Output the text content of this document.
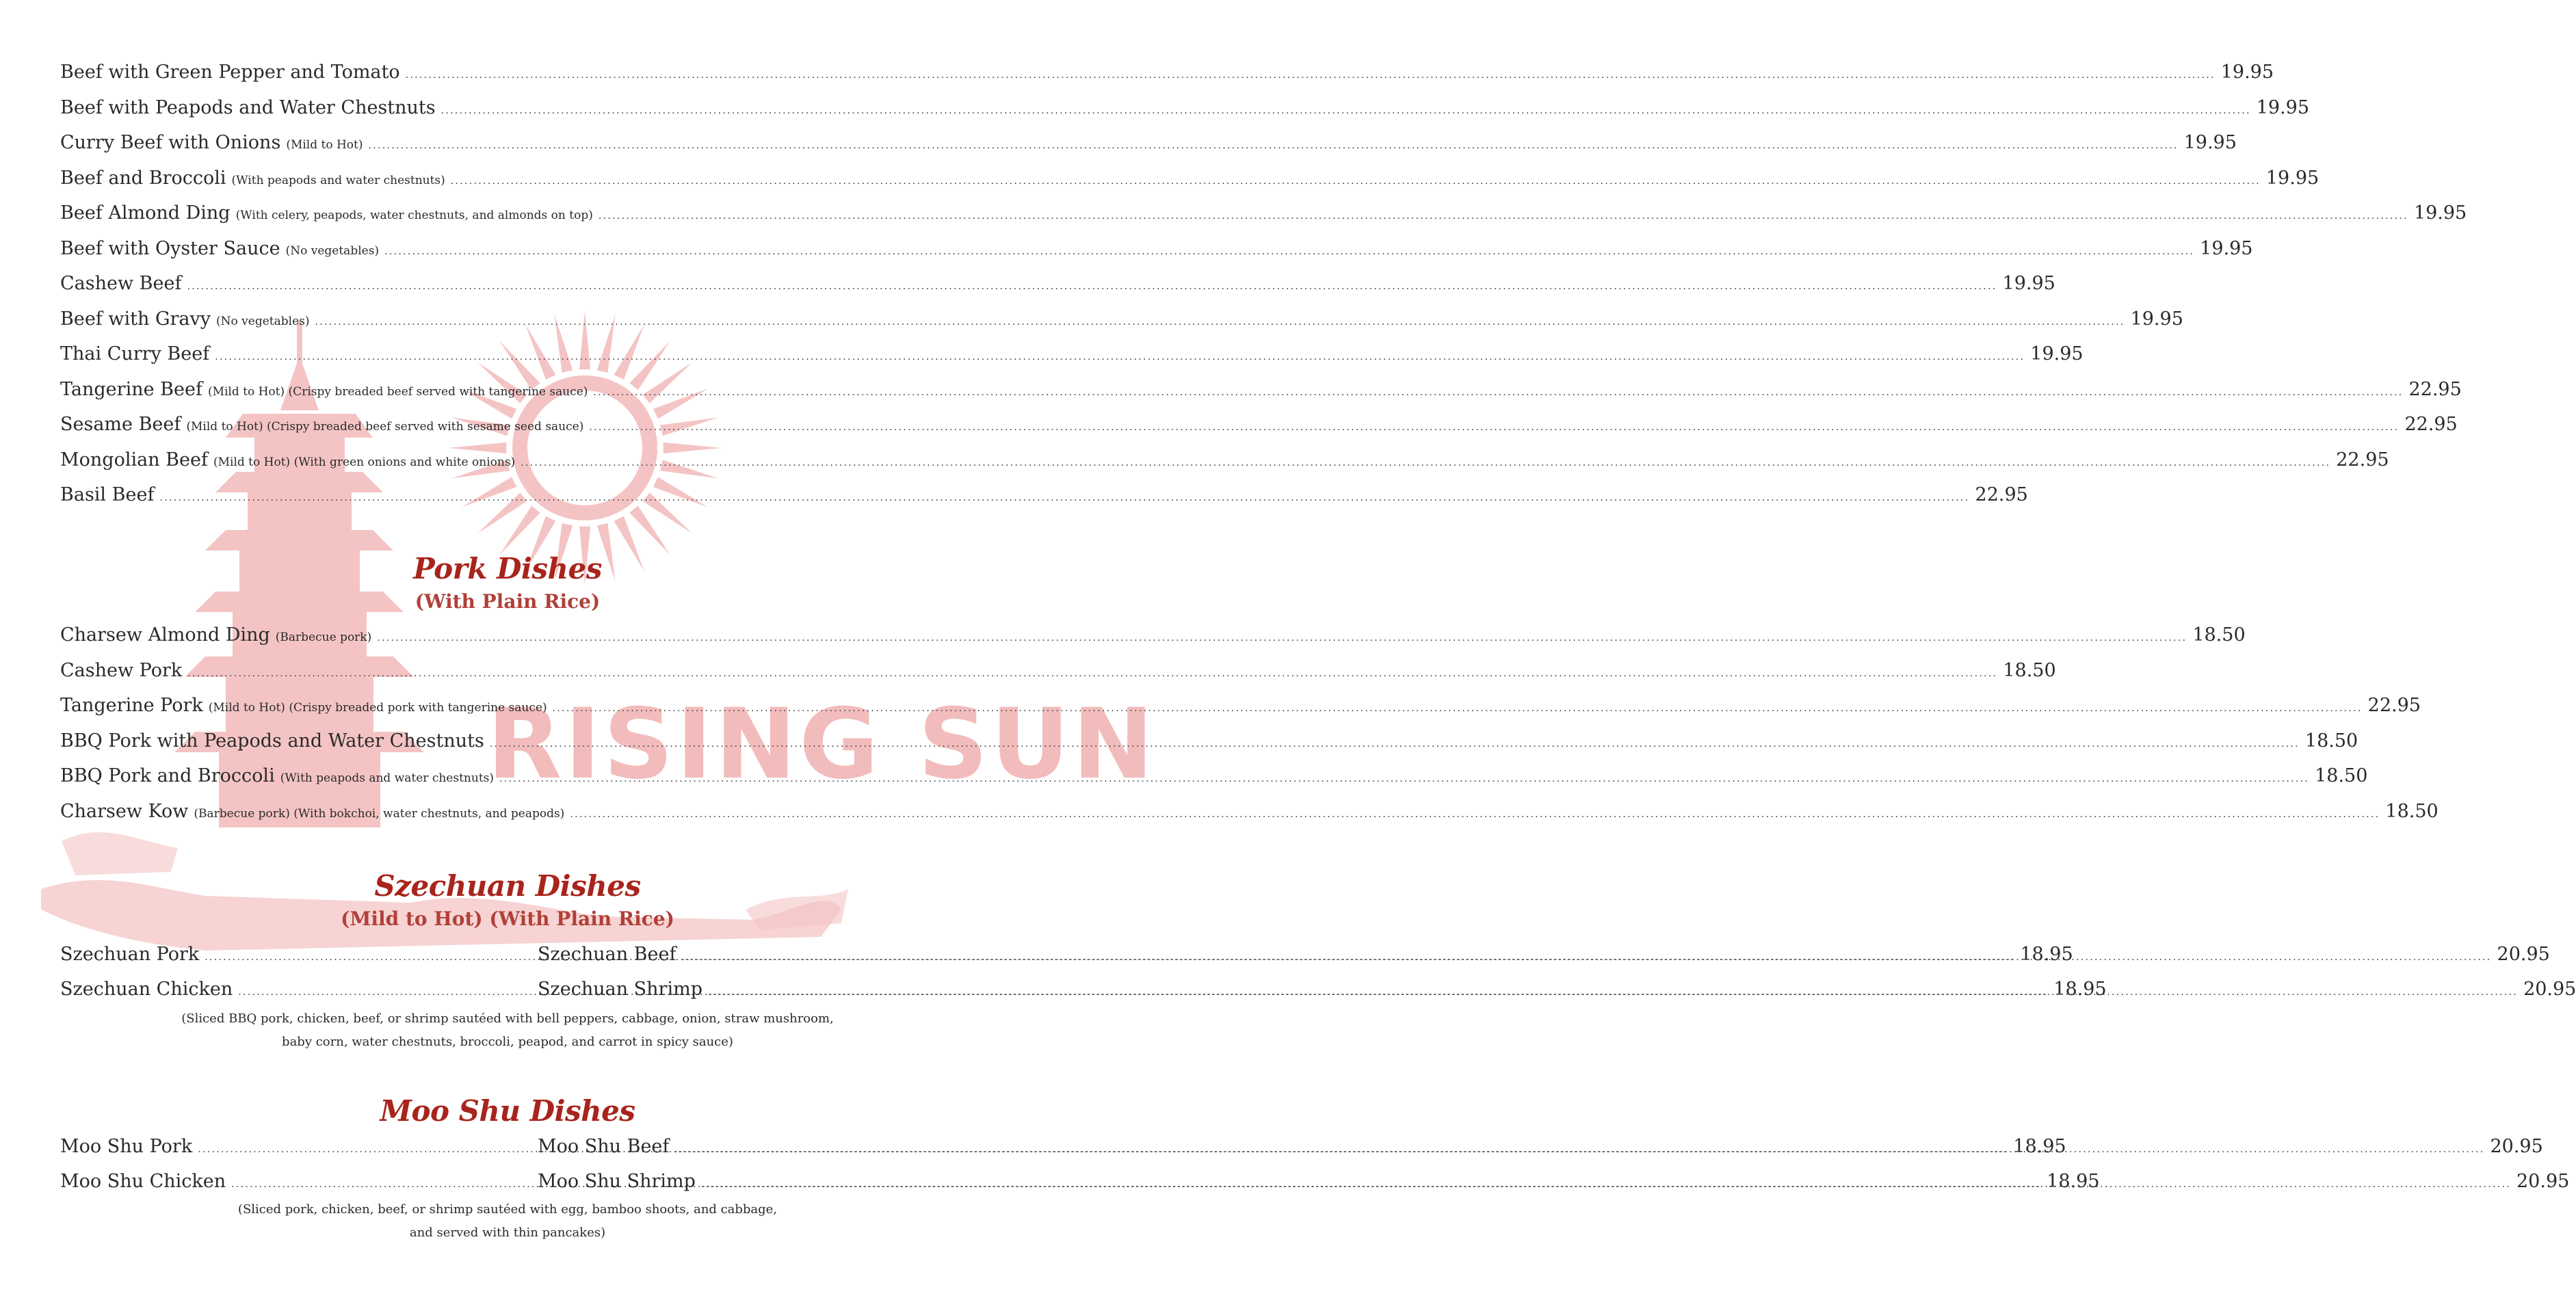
RISING SUN
Beef with Green Pepper and Tomato .....	19.95
Beef with Peapods and Water Chestnuts .....	19.95
Curry Beef with Onions (Mild to Hot) .....	19.95
Beef and Broccoli (With peapods and water chestnuts) .....	19.95
Beef Almond Ding (With celery, peapods, water chestnuts, and almonds on top) .....	19.95
Beef with Oyster Sauce (No vegetables) .....	19.95
Cashew Beef .....	19.95
Beef with Gravy (No vegetables) .....	19.95
Thai Curry Beef .....	19.95
Tangerine Beef (Mild to Hot) (Crispy breaded beef served with tangerine sauce) .....	22.95
Sesame Beef (Mild to Hot) (Crispy breaded beef served with sesame seed sauce) .....	22.95
Mongolian Beef (Mild to Hot) (With green onions and white onions) .....	22.95
Basil Beef .....	22.95
Pork Dishes
(With Plain Rice)
Charsew Almond Ding (Barbecue pork) .....	18.50
Cashew Pork .....	18.50
Tangerine Pork (Mild to Hot) (Crispy breaded pork with tangerine sauce) .....	22.95
BBQ Pork with Peapods and Water Chestnuts .....	18.50
BBQ Pork and Broccoli (With peapods and water chestnuts) .....	18.50
Charsew Kow (Barbecue pork) (With bokchoi, water chestnuts, and peapods) .....	18.50
Szechuan Dishes
(Mild to Hot) (With Plain Rice)
Szechuan Pork .....	18.95
Szechuan Chicken .....	18.95
Szechuan Beef .....	20.95
Szechuan Shrimp .....	20.95
(Sliced BBQ pork, chicken, beef, or shrimp sautéed with bell peppers, cabbage, onion, straw mushroom,
baby corn, water chestnuts, broccoli, peapod, and carrot in spicy sauce)
Moo Shu Dishes
Moo Shu Pork .....	18.95
Moo Shu Chicken .....	18.95
Moo Shu Beef .....	20.95
Moo Shu Shrimp .....	20.95
(Sliced pork, chicken, beef, or shrimp sautéed with egg, bamboo shoots, and cabbage,
and served with thin pancakes)
